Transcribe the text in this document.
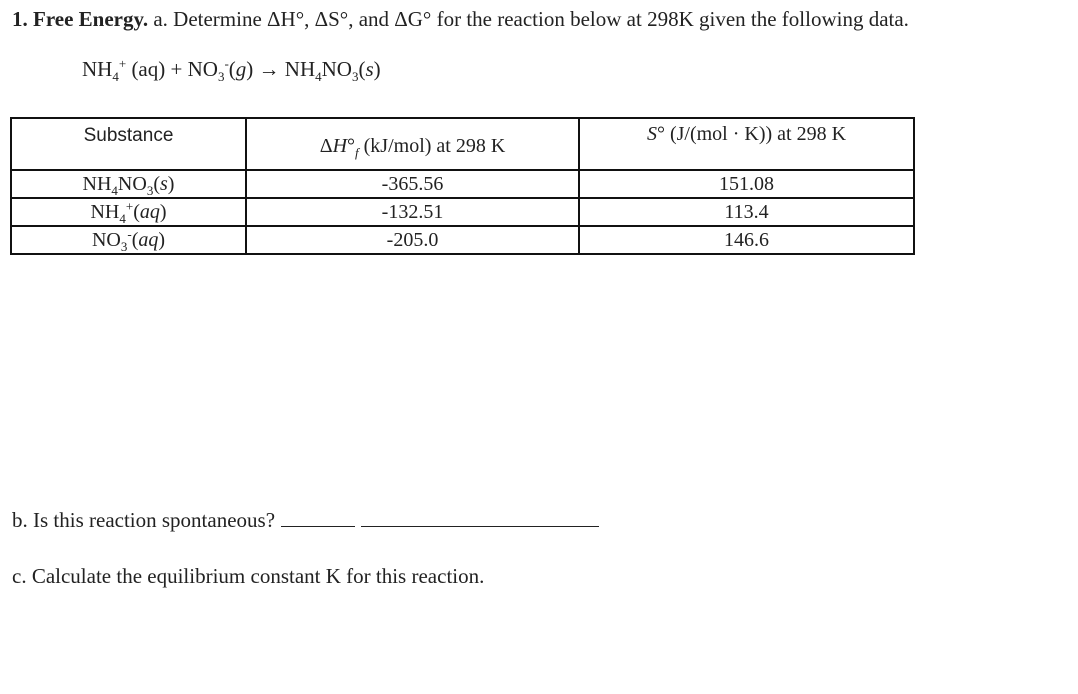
1. Free Energy. a. Determine ΔH°, ΔS°, and ΔG° for the reaction below at 298K given the following data.
$NH_4^+$ $(aq) + NO_3^-(g) \to NH_4NO_3(s)$
Substance	$\Delta H^\circ_f$ (kJ/mol) at 298 K	S° (J/(mol · K)) at 298 K

$NH_4NO_3(s)$	-365.56	151.08
$NH_4^+(aq)$	-132.51	113.4
$NO_3^-(aq)$	-205.0	146.6
b. Is this reaction spontaneous?
c. Calculate the equilibrium constant K for this reaction.
